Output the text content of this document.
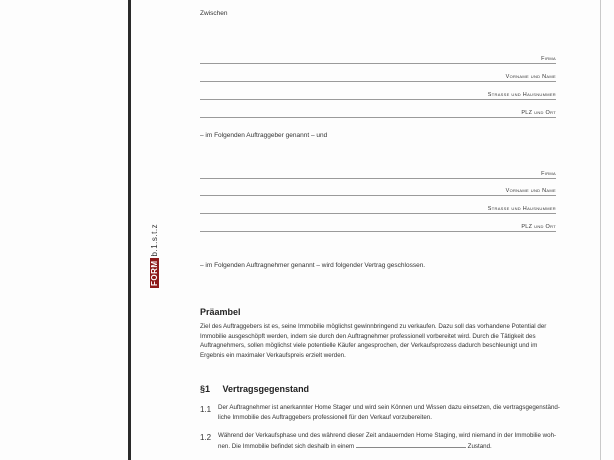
FORM
b.1.s.t.z
Zwischen
Firma
Vorname und Name
Strasse und Hausnummer
PLZ und Ort
– im Folgenden Auftraggeber genannt – und
Firma
Vorname und Name
Strasse und Hausnummer
PLZ und Ort
– im Folgenden Auftragnehmer genannt – wird folgender Vertrag geschlossen.
Präambel
Ziel des Auftraggebers ist es, seine Immobilie möglichst gewinnbringend zu verkaufen. Dazu soll das vorhandene Potential der
Immobilie ausgeschöpft werden, indem sie durch den Auftragnehmer professionell vorbereitet wird. Durch die Tätigkeit des
Auftragnehmers, sollen möglichst viele potentielle Käufer angesprochen, der Verkaufsprozess dadurch beschleunigt und im
Ergebnis ein maximaler Verkaufspreis erzielt werden.
§1 Vertragsgegenstand
1.1 Der Auftragnehmer ist anerkannter Home Stager und wird sein Können und Wissen dazu einsetzen, die vertragsgegenständ-
liche Immobilie des Auftraggebers professionell für den Verkauf vorzubereiten.
1.2 Während der Verkaufsphase und des während dieser Zeit andauernden Home Staging, wird niemand in der Immobilie woh-
nen. Die Immobilie befindet sich deshalb in einem	Zustand.
